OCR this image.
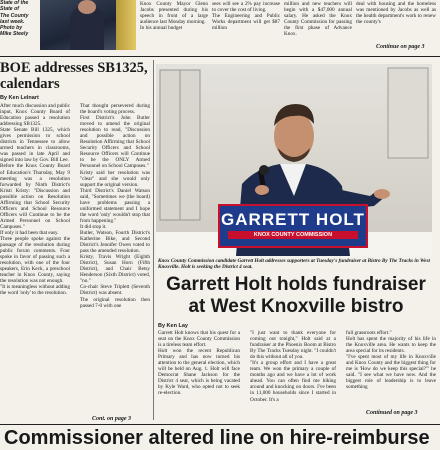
State of the
State of
The County
last week.
Photo by
Mike Steely
Knox County Mayor Glenn Jacobs presented during his speech in front of a large audience last Monday morning.
In his annual budget
sees will see a 2% pay increase to cover the cost of living.
The Engineering and Public Works department will get $87 million
million and new teachers will begin with a $47,000 annual salary. He asked the Knox County Commission for passing the first phase of Advance Knox.
deal with housing and the homeless was mentioned by Jacobs as well as the health department's work to renew the county's
Continue on page 3
BOE addresses SB1325, calendars
By Ken Lelnart
After much discussion and public input, Knox County Board of Education passed a resolution addressing SB1325.
State Senate Bill 1325, which gives permission to school districts in Tennessee to allow armed teachers in classrooms, was passed in late April and signed into law by Gov. Bill Lee.
Before the Knox County Board of Education's Thursday, May 9 meeting was a resolution forwarded by Ninth District's Kristi Kristy: "Discussion and possible action on Resolution Affirming that School Security Officers and School Resource Officers will Continue to be the Armed Personnel on School Campuses."
If only it had been that easy.
Three people spoke against the passage of the resolution during public forum comments. Four spoke in favor of passing such a resolution, with one of the four speakers, Erin Keck, a preschool teacher in Knox County, saying the resolution was not enough.
"It is meaningless without adding the word 'only' to the resolution.
That thought persevered during the board's voting process.
First District's John Butler moved to amend the original resolution to read, "Discussion and possible action on Resolution Affirming that School Security Officers and School Resource Officers will Continue to be the ONLY Armed Personnel on School Campuses."
Kristy said her resolution was "clear" and she would only support the original version.
Third District's Daniel Watson said, "Sometimes we (the board) have problems passing a uniformed statement and I hope the word 'only' wouldn't stop that from happening."
It did stop it.
Butler, Watson, Fourth District's Katherine Bike, and Second District's Jennifer Owen voted to pass the amended resolution.
Kristy, Travis Wright (Eighth District), Susan Horn (Fifth District), and Chair Betsy Henderson (Sixth District) voted, "no."
Co-chair Steve Triplett (Seventh District) was absent.
The original resolution then passed 7-0 with one
Cont. on page 3
GARRETT HOLT
KNOX COUNTY COMMISSION
Knox County Commission candidate Garrett Holt addresses supporters at Tuesday's fundraiser at Bistro By The Tracks in West Knoxville. Holt is seeking the District 4 seat.
Garrett Holt holds fundraiser
at West Knoxville bistro
By Ken Lay
Garrett Holt knows that his quest for a seat on the Knox County Commission is a tireless team effort.
Holt won the recent Republican Primary and has now turned his attention to the general election, which will be held on Aug. 1. Holt will face Democrat Shane Jackson for the District 4 seat, which is being vacated by Kyle Ward, who opted not to seek re-election.
"I just want to thank everyone for coming out tonight," Holt said at a fundraiser at the Phoenix Room at Bistro By The Tracks Tuesday night. "I couldn't do this without all of you.
"It's a group effort and I have a great team. We won the primary a couple of months ago and we have a lot of work ahead. You can often find me hiking around and knocking on doors. I've been in 11,000 households since I started in October. It's a
full grassroots effort."
Holt has spent the majority of his life in the Knoxville area. He wants to keep the area special for its residents.
"I've spent most of my life in Knoxville and Knox County and the biggest thing for me is 'How do we keep this special?'" he said. "I see what we have now. And the biggest role of leadership is to leave something
Continued on page 3
Commissioner altered line on hire-reimburse
